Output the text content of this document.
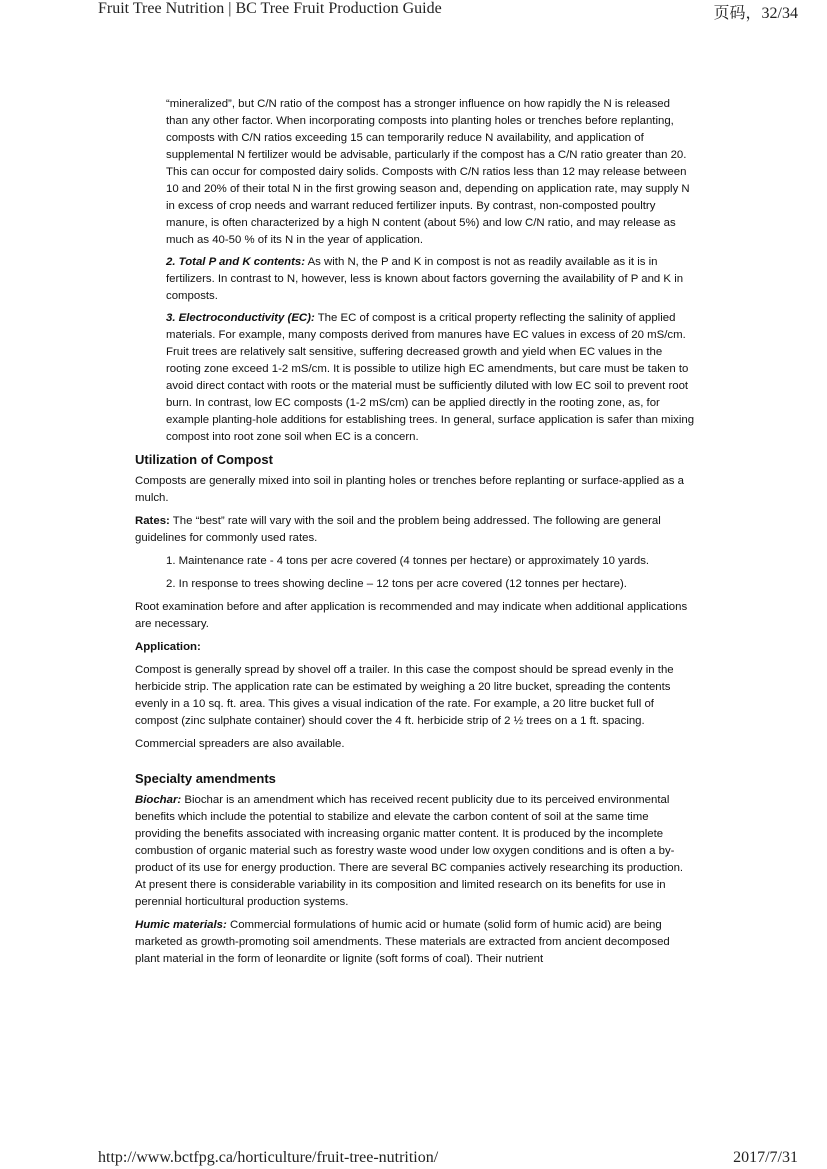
Fruit Tree Nutrition | BC Tree Fruit Production Guide	页码，32/34

“mineralized”, but C/N ratio of the compost has a stronger influence on how rapidly the N is released than any other factor. When incorporating composts into planting holes or trenches before replanting, composts with C/N ratios exceeding 15 can temporarily reduce N availability, and application of supplemental N fertilizer would be advisable, particularly if the compost has a C/N ratio greater than 20. This can occur for composted dairy solids. Composts with C/N ratios less than 12 may release between 10 and 20% of their total N in the first growing season and, depending on application rate, may supply N in excess of crop needs and warrant reduced fertilizer inputs. By contrast, non-composted poultry manure, is often characterized by a high N content (about 5%) and low C/N ratio, and may release as much as 40-50 % of its N in the year of application.

2. Total P and K contents: As with N, the P and K in compost is not as readily available as it is in fertilizers. In contrast to N, however, less is known about factors governing the availability of P and K in composts.

3. Electroconductivity (EC): The EC of compost is a critical property reflecting the salinity of applied materials. For example, many composts derived from manures have EC values in excess of 20 mS/cm. Fruit trees are relatively salt sensitive, suffering decreased growth and yield when EC values in the rooting zone exceed 1-2 mS/cm. It is possible to utilize high EC amendments, but care must be taken to avoid direct contact with roots or the material must be sufficiently diluted with low EC soil to prevent root burn. In contrast, low EC composts (1-2 mS/cm) can be applied directly in the rooting zone, as, for example planting-hole additions for establishing trees. In general, surface application is safer than mixing compost into root zone soil when EC is a concern.

Utilization of Compost

Composts are generally mixed into soil in planting holes or trenches before replanting or surface-applied as a mulch.

Rates: The “best” rate will vary with the soil and the problem being addressed. The following are general guidelines for commonly used rates.

1. Maintenance rate - 4 tons per acre covered (4 tonnes per hectare) or approximately 10 yards.
2. In response to trees showing decline – 12 tons per acre covered (12 tonnes per hectare).

Root examination before and after application is recommended and may indicate when additional applications are necessary.

Application:

Compost is generally spread by shovel off a trailer. In this case the compost should be spread evenly in the herbicide strip. The application rate can be estimated by weighing a 20 litre bucket, spreading the contents evenly in a 10 sq. ft. area. This gives a visual indication of the rate. For example, a 20 litre bucket full of compost (zinc sulphate container) should cover the 4 ft. herbicide strip of 2 ½ trees on a 1 ft. spacing.

Commercial spreaders are also available.

Specialty amendments

Biochar: Biochar is an amendment which has received recent publicity due to its perceived environmental benefits which include the potential to stabilize and elevate the carbon content of soil at the same time providing the benefits associated with increasing organic matter content. It is produced by the incomplete combustion of organic material such as forestry waste wood under low oxygen conditions and is often a by-product of its use for energy production. There are several BC companies actively researching its production. At present there is considerable variability in its composition and limited research on its benefits for use in perennial horticultural production systems.

Humic materials: Commercial formulations of humic acid or humate (solid form of humic acid) are being marketed as growth-promoting soil amendments. These materials are extracted from ancient decomposed plant material in the form of leonardite or lignite (soft forms of coal). Their nutrient

http://www.bctfpg.ca/horticulture/fruit-tree-nutrition/	2017/7/31
